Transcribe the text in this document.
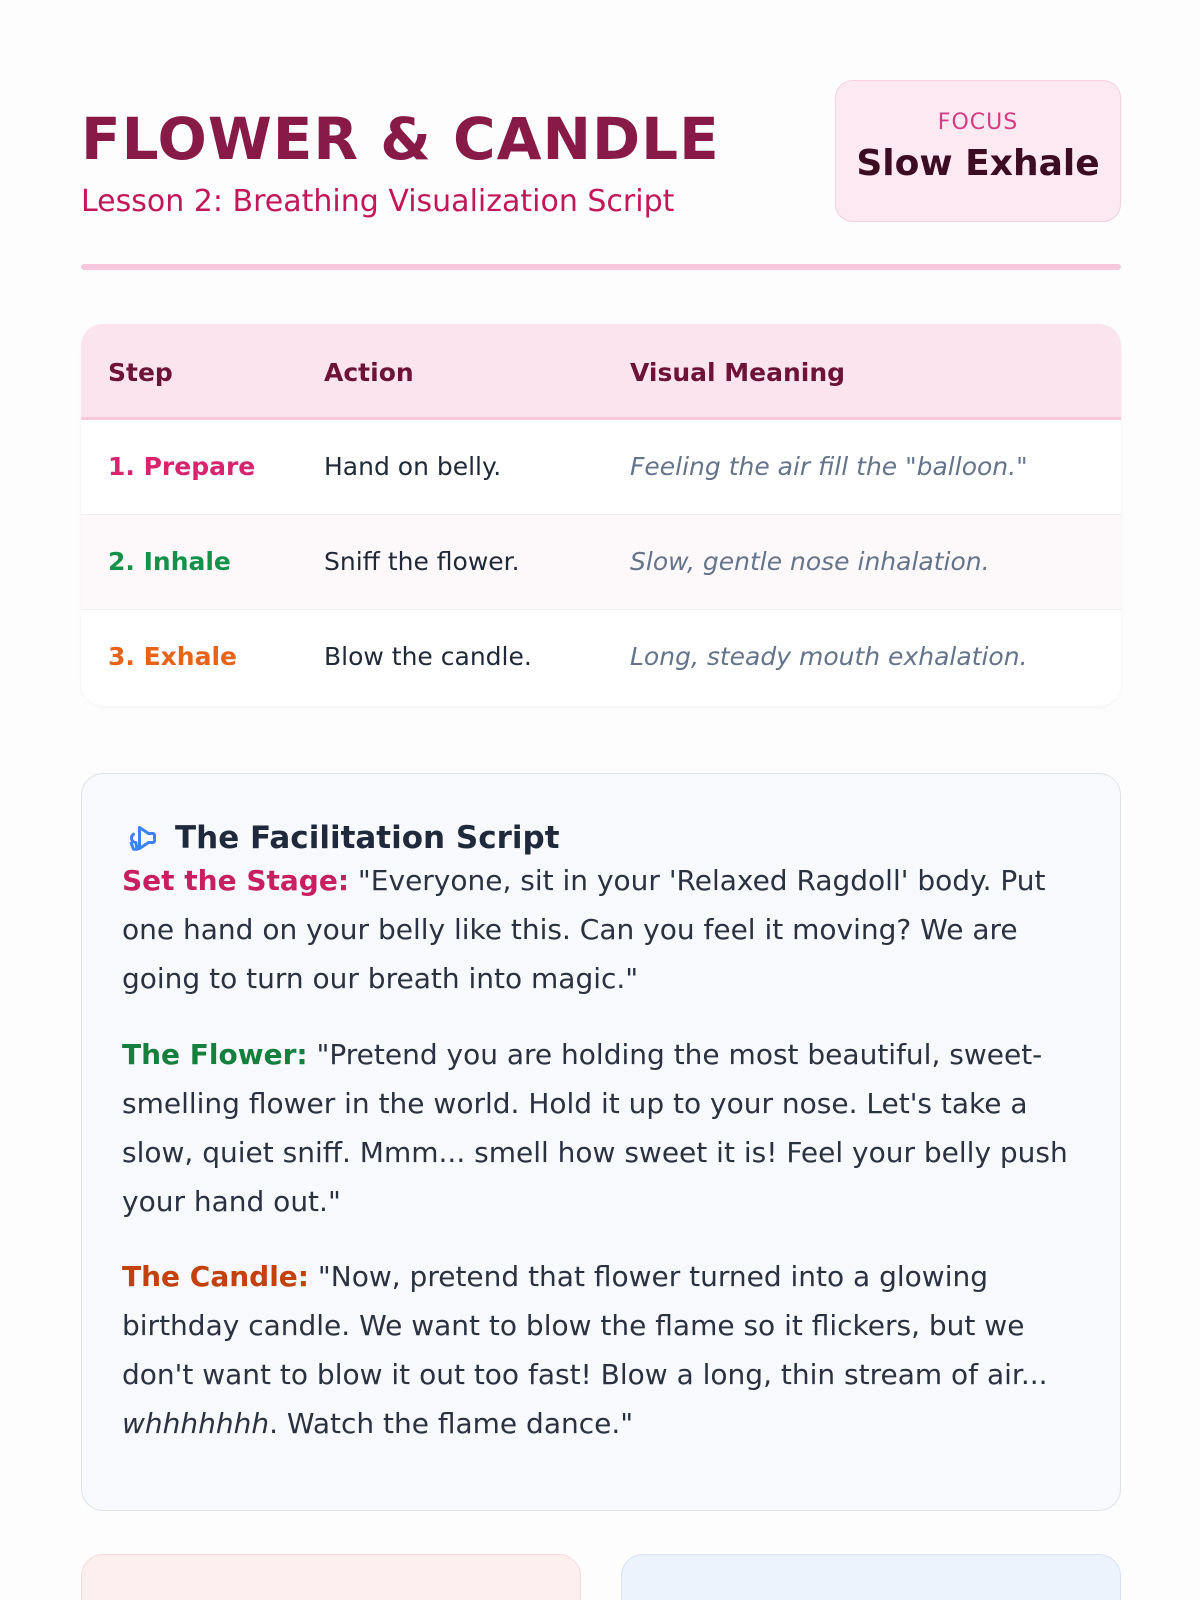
FLOWER & CANDLE
Lesson 2: Breathing Visualization Script
FOCUS
Slow Exhale
Step	Action	Visual Meaning
1. Prepare	Hand on belly.	Feeling the air fill the "balloon."
2. Inhale	Sniff the flower.	Slow, gentle nose inhalation.
3. Exhale	Blow the candle.	Long, steady mouth exhalation.
The Facilitation Script
Set the Stage: "Everyone, sit in your 'Relaxed Ragdoll' body. Put one hand on your belly like this. Can you feel it moving? We are going to turn our breath into magic."
The Flower: "Pretend you are holding the most beautiful, sweet-smelling flower in the world. Hold it up to your nose. Let's take a slow, quiet sniff. Mmm... smell how sweet it is! Feel your belly push your hand out."
The Candle: "Now, pretend that flower turned into a glowing birthday candle. We want to blow the flame so it flickers, but we don't want to blow it out too fast! Blow a long, thin stream of air... whhhhhhh. Watch the flame dance."
